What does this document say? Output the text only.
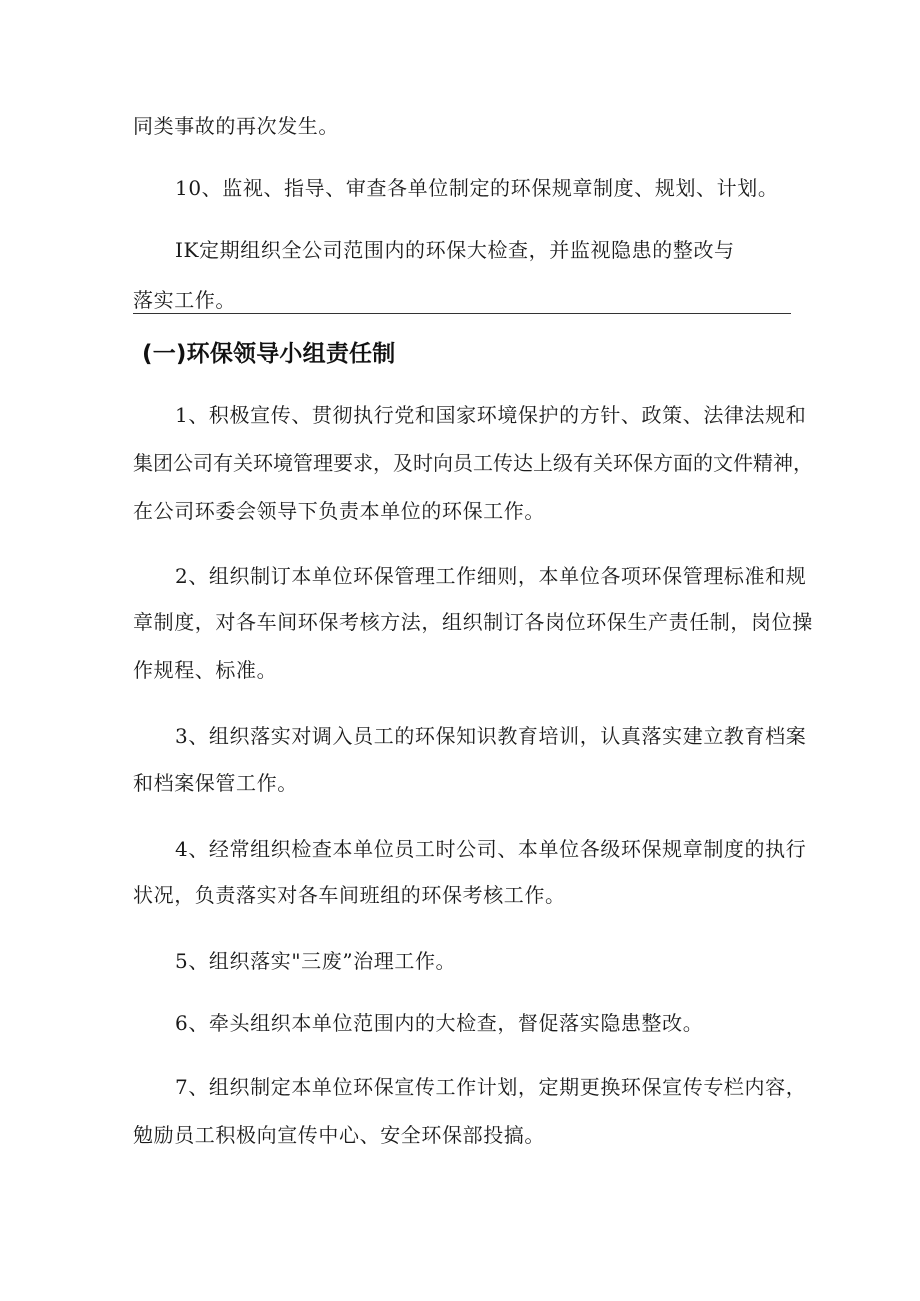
同类事故的再次发生。
10、监视、指导、审查各单位制定的环保规章制度、规划、计划。
IK定期组织全公司范围内的环保大检查，并监视隐患的整改与
落实工作。
(一)环保领导小组责任制
1、积极宣传、贯彻执行党和国家环境保护的方针、政策、法律法规和
集团公司有关环境管理要求，及时向员工传达上级有关环保方面的文件精神，
在公司环委会领导下负责本单位的环保工作。
2、组织制订本单位环保管理工作细则，本单位各项环保管理标准和规
章制度，对各车间环保考核方法，组织制订各岗位环保生产责任制，岗位操
作规程、标准。
3、组织落实对调入员工的环保知识教育培训，认真落实建立教育档案
和档案保管工作。
4、经常组织检查本单位员工时公司、本单位各级环保规章制度的执行
状况，负责落实对各车间班组的环保考核工作。
5、组织落实"三废”治理工作。
6、牵头组织本单位范围内的大检查，督促落实隐患整改。
7、组织制定本单位环保宣传工作计划，定期更换环保宣传专栏内容，
勉励员工积极向宣传中心、安全环保部投搞。
